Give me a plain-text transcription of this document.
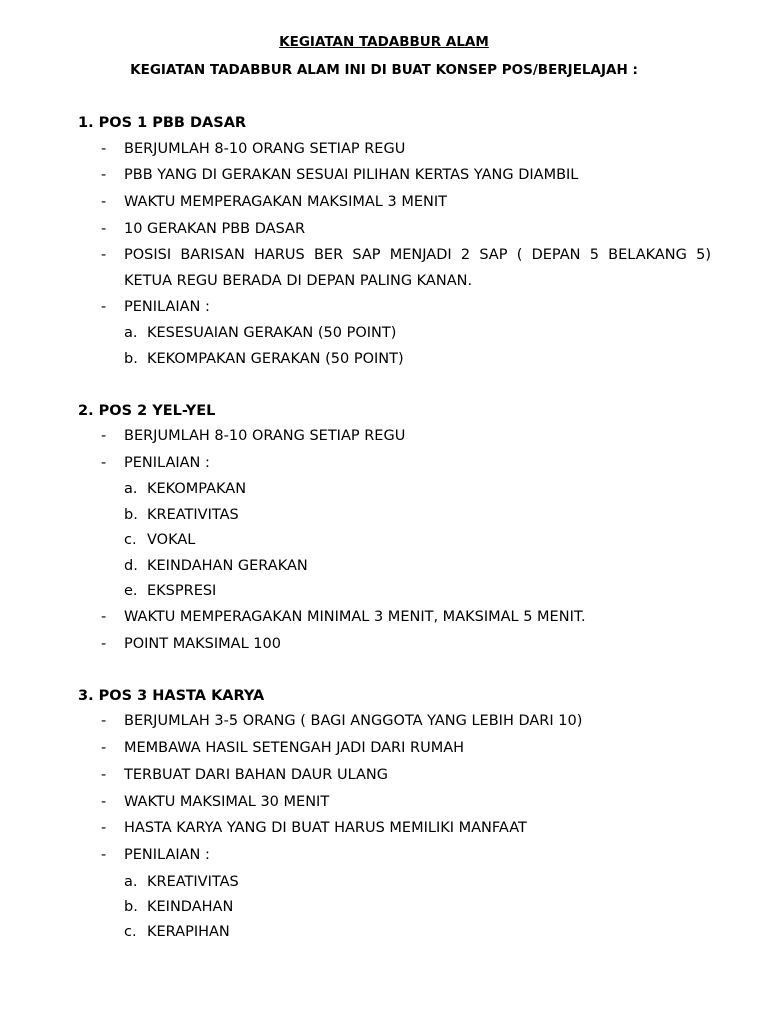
KEGIATAN TADABBUR ALAM
KEGIATAN TADABBUR ALAM INI DI BUAT KONSEP POS/BERJELAJAH :
1. POS 1 PBB DASAR
- BERJUMLAH 8-10 ORANG SETIAP REGU
- PBB YANG DI GERAKAN SESUAI PILIHAN KERTAS YANG DIAMBIL
- WAKTU MEMPERAGAKAN MAKSIMAL 3 MENIT
- 10 GERAKAN PBB DASAR
- POSISI BARISAN HARUS BER SAP MENJADI 2 SAP ( DEPAN 5 BELAKANG 5)
KETUA REGU BERADA DI DEPAN PALING KANAN.
- PENILAIAN :
a. KESESUAIAN GERAKAN (50 POINT)
b. KEKOMPAKAN GERAKAN (50 POINT)
2. POS 2 YEL-YEL
- BERJUMLAH 8-10 ORANG SETIAP REGU
- PENILAIAN :
a. KEKOMPAKAN
b. KREATIVITAS
c. VOKAL
d. KEINDAHAN GERAKAN
e. EKSPRESI
- WAKTU MEMPERAGAKAN MINIMAL 3 MENIT, MAKSIMAL 5 MENIT.
- POINT MAKSIMAL 100
3. POS 3 HASTA KARYA
- BERJUMLAH 3-5 ORANG ( BAGI ANGGOTA YANG LEBIH DARI 10)
- MEMBAWA HASIL SETENGAH JADI DARI RUMAH
- TERBUAT DARI BAHAN DAUR ULANG
- WAKTU MAKSIMAL 30 MENIT
- HASTA KARYA YANG DI BUAT HARUS MEMILIKI MANFAAT
- PENILAIAN :
a. KREATIVITAS
b. KEINDAHAN
c. KERAPIHAN
